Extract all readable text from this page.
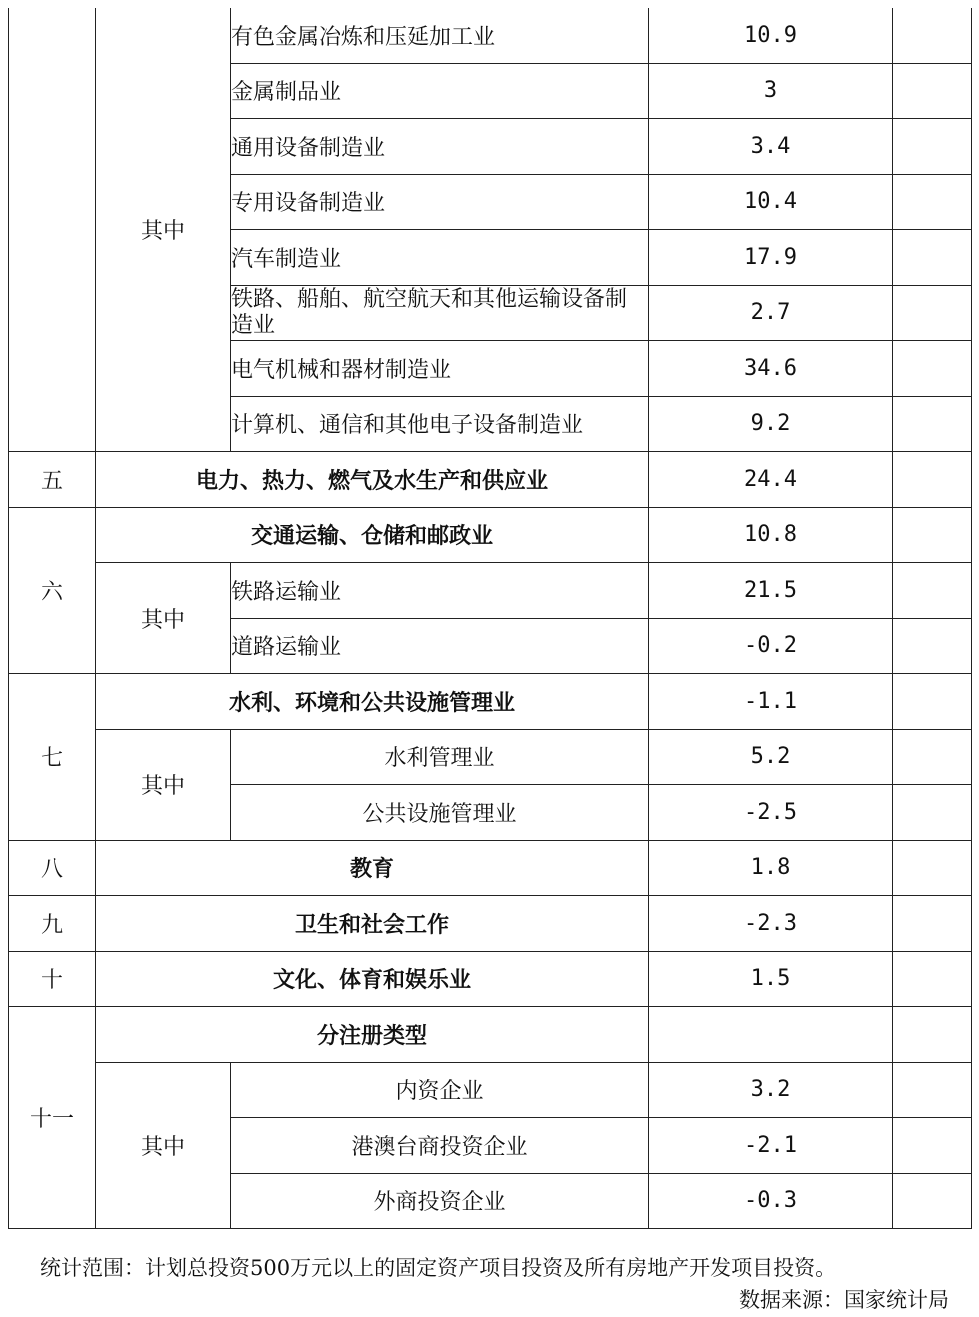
	其中	有色金属冶炼和压延加工业	10.9	
		金属制品业	3	
		通用设备制造业	3.4	
		专用设备制造业	10.4	
		汽车制造业	17.9	
		铁路、船舶、航空航天和其他运输设备制造业	2.7	
		电气机械和器材制造业	34.6	
		计算机、通信和其他电子设备制造业	9.2	
五	电力、热力、燃气及水生产和供应业		24.4	
六	交通运输、仓储和邮政业		10.8	
	其中	铁路运输业	21.5	
		道路运输业	-0.2	
七	水利、环境和公共设施管理业		-1.1	
	其中	水利管理业	5.2	
		公共设施管理业	-2.5	
八	教育		1.8	
九	卫生和社会工作		-2.3	
十	文化、体育和娱乐业		1.5	
十一	分注册类型			
	其中	内资企业	3.2	
		港澳台商投资企业	-2.1	
		外商投资企业	-0.3	
统计范围：计划总投资500万元以上的固定资产项目投资及所有房地产开发项目投资。
数据来源：国家统计局
